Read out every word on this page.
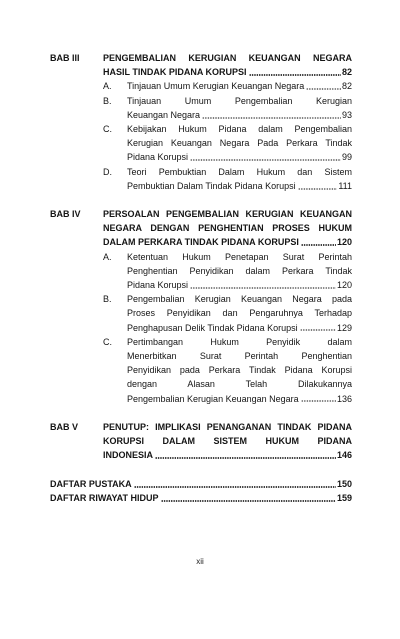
BAB III	PENGEMBALIAN KERUGIAN KEUANGAN NEGARA
HASIL TINDAK PIDANA KORUPSI	82
A.	Tinjauan Umum Kerugian Keuangan Negara	82
B.	Tinjauan Umum Pengembalian Kerugian
Keuangan Negara	93
C.	Kebijakan Hukum Pidana dalam Pengembalian
Kerugian Keuangan Negara Pada Perkara Tindak
Pidana Korupsi	99
D.	Teori Pembuktian Dalam Hukum dan Sistem
Pembuktian Dalam Tindak Pidana Korupsi	111
BAB IV	PERSOALAN PENGEMBALIAN KERUGIAN KEUANGAN
NEGARA DENGAN PENGHENTIAN PROSES HUKUM
DALAM PERKARA TINDAK PIDANA KORUPSI	120
A.	Ketentuan Hukum Penetapan Surat Perintah
Penghentian Penyidikan dalam Perkara Tindak
Pidana Korupsi	120
B.	Pengembalian Kerugian Keuangan Negara pada
Proses Penyidikan dan Pengaruhnya Terhadap
Penghapusan Delik Tindak Pidana Korupsi	129
C.	Pertimbangan Hukum Penyidik dalam
Menerbitkan Surat Perintah Penghentian
Penyidikan pada Perkara Tindak Pidana Korupsi
dengan Alasan Telah Dilakukannya
Pengembalian Kerugian Keuangan Negara	136
BAB V	PENUTUP: IMPLIKASI PENANGANAN TINDAK PIDANA
KORUPSI DALAM SISTEM HUKUM PIDANA
INDONESIA	146
DAFTAR PUSTAKA	150
DAFTAR RIWAYAT HIDUP	159
xii
